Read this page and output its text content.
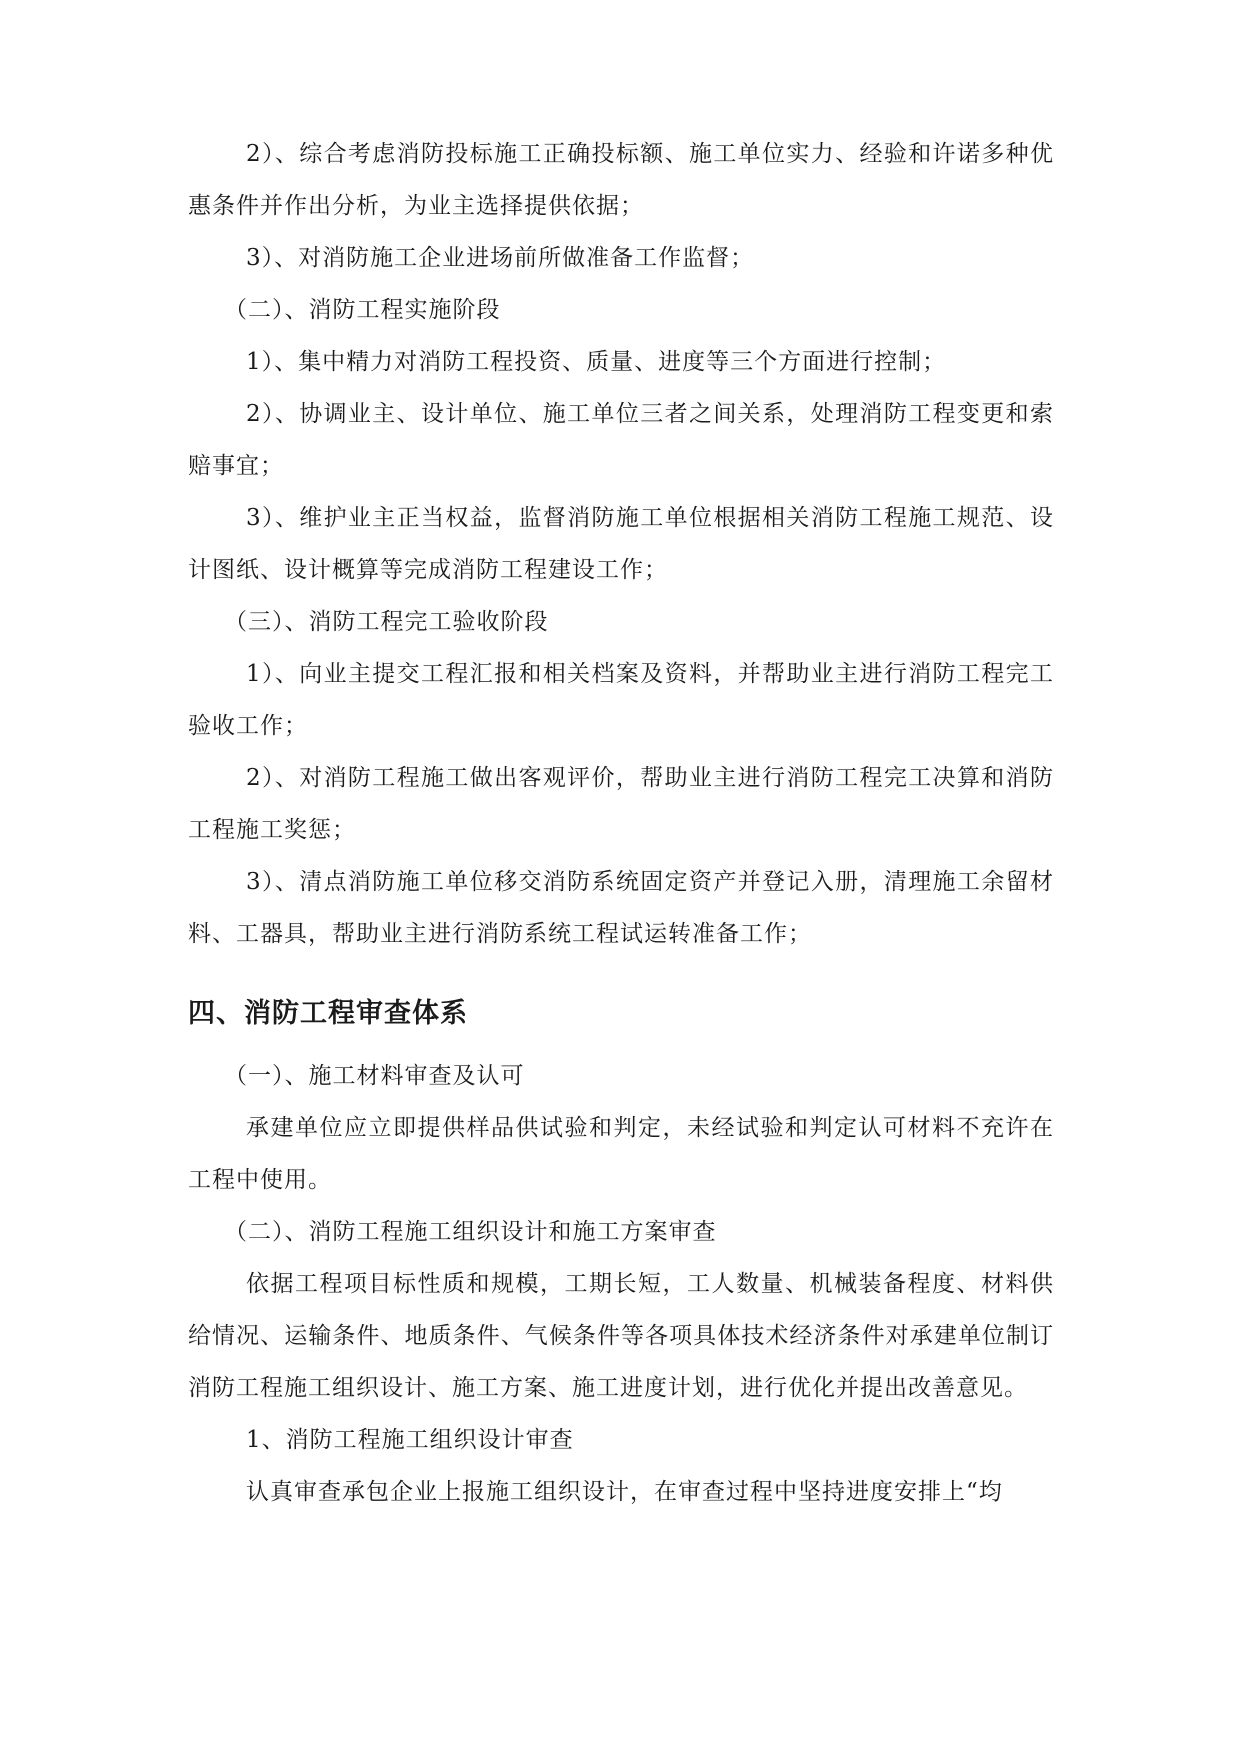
2）、综合考虑消防投标施工正确投标额、施工单位实力、经验和许诺多种优惠条件并作出分析，为业主选择提供依据；

3）、对消防施工企业进场前所做准备工作监督；

（二）、消防工程实施阶段

1）、集中精力对消防工程投资、质量、进度等三个方面进行控制；

2）、协调业主、设计单位、施工单位三者之间关系，处理消防工程变更和索赔事宜；

3）、维护业主正当权益，监督消防施工单位根据相关消防工程施工规范、设计图纸、设计概算等完成消防工程建设工作；

（三）、消防工程完工验收阶段

1）、向业主提交工程汇报和相关档案及资料，并帮助业主进行消防工程完工验收工作；

2）、对消防工程施工做出客观评价，帮助业主进行消防工程完工决算和消防工程施工奖惩；

3）、清点消防施工单位移交消防系统固定资产并登记入册，清理施工余留材料、工器具，帮助业主进行消防系统工程试运转准备工作；

四、消防工程审查体系

（一）、施工材料审查及认可

承建单位应立即提供样品供试验和判定，未经试验和判定认可材料不充许在工程中使用。

（二）、消防工程施工组织设计和施工方案审查

依据工程项目标性质和规模，工期长短，工人数量、机械装备程度、材料供给情况、运输条件、地质条件、气候条件等各项具体技术经济条件对承建单位制订消防工程施工组织设计、施工方案、施工进度计划，进行优化并提出改善意见。

1、消防工程施工组织设计审查

认真审查承包企业上报施工组织设计，在审查过程中坚持进度安排上“均
